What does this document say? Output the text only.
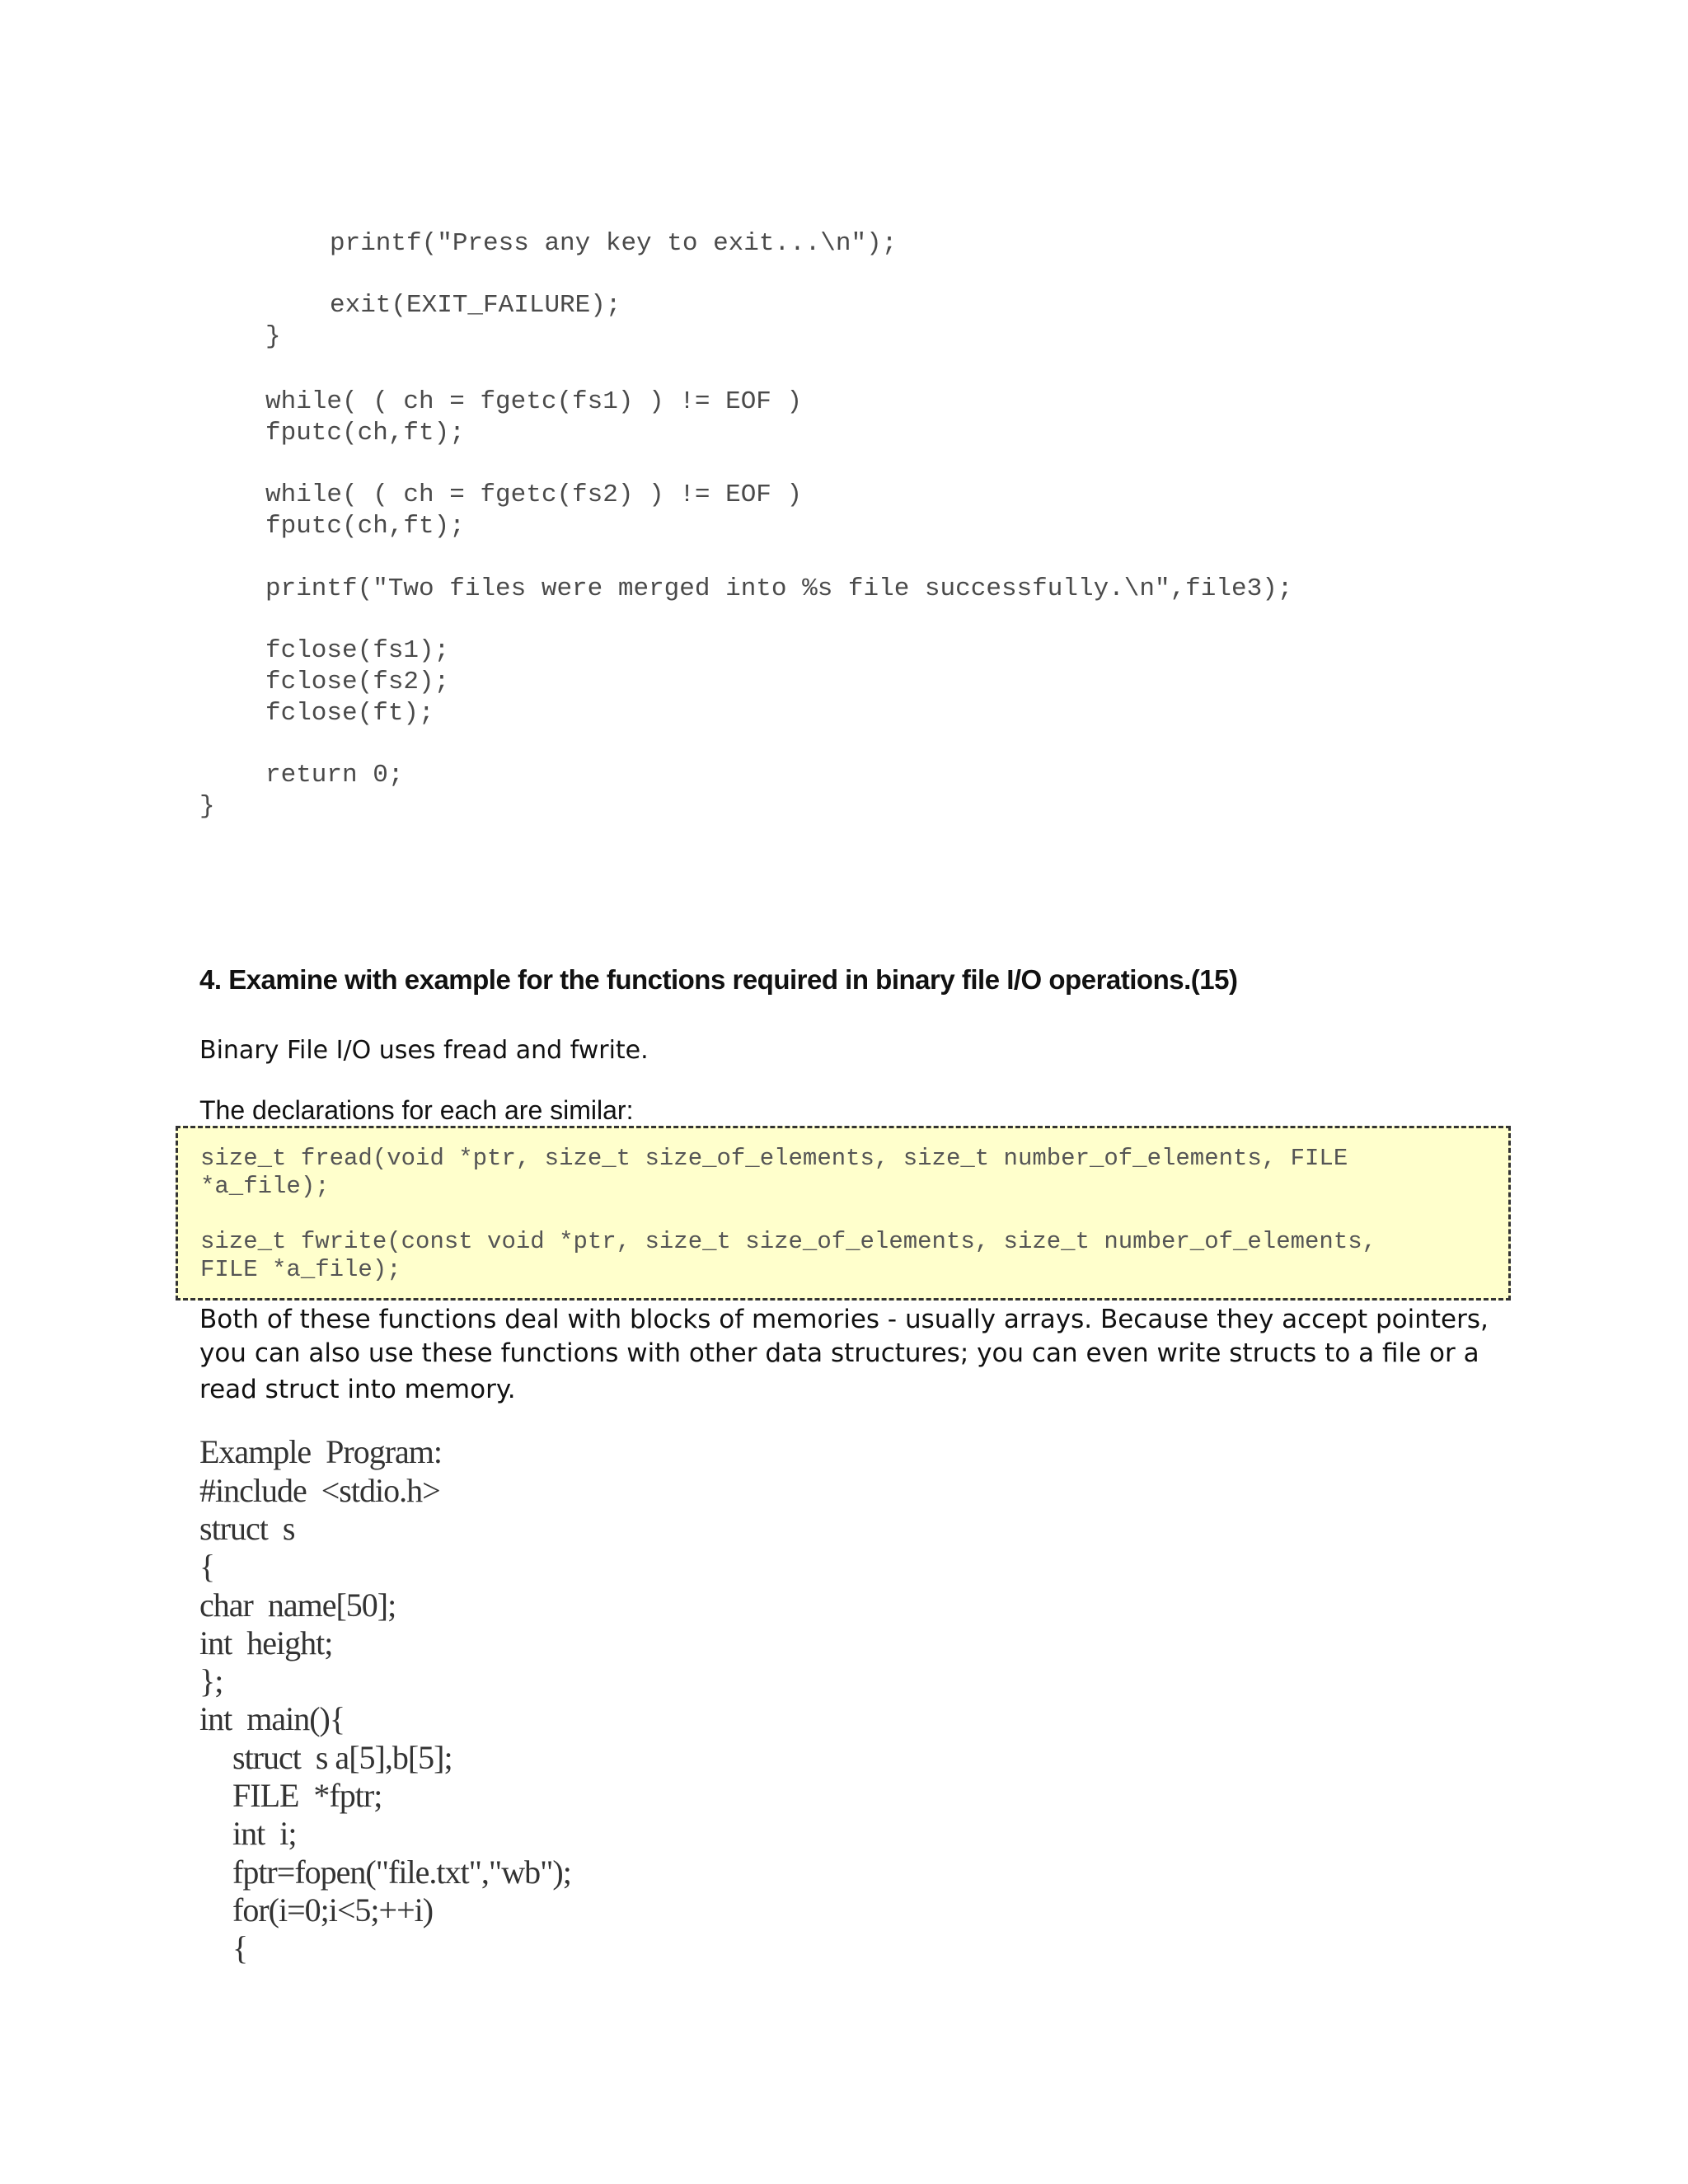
printf("Press any key to exit...\n");
exit(EXIT_FAILURE);
}
while( ( ch = fgetc(fs1) ) != EOF )
fputc(ch,ft);
while( ( ch = fgetc(fs2) ) != EOF )
fputc(ch,ft);
printf("Two files were merged into %s file successfully.\n",file3);
fclose(fs1);
fclose(fs2);
fclose(ft);
return 0;
}
4. Examine with example for the functions required in binary file I/O operations.(15)
Binary File I/O uses fread and fwrite.
The declarations for each are similar:
size_t fread(void *ptr, size_t size_of_elements, size_t number_of_elements, FILE
*a_file);
size_t fwrite(const void *ptr, size_t size_of_elements, size_t number_of_elements,
FILE *a_file);
Both of these functions deal with blocks of memories - usually arrays. Because they accept pointers,
you can also use these functions with other data structures; you can even write structs to a file or a
read struct into memory.
Example  Program:
#include  <stdio.h>
struct  s
{
char  name[50];
int  height;
};
int  main(){
struct  s a[5],b[5];
FILE  *fptr;
int  i;
fptr=fopen("file.txt","wb");
for(i=0;i<5;++i)
{
